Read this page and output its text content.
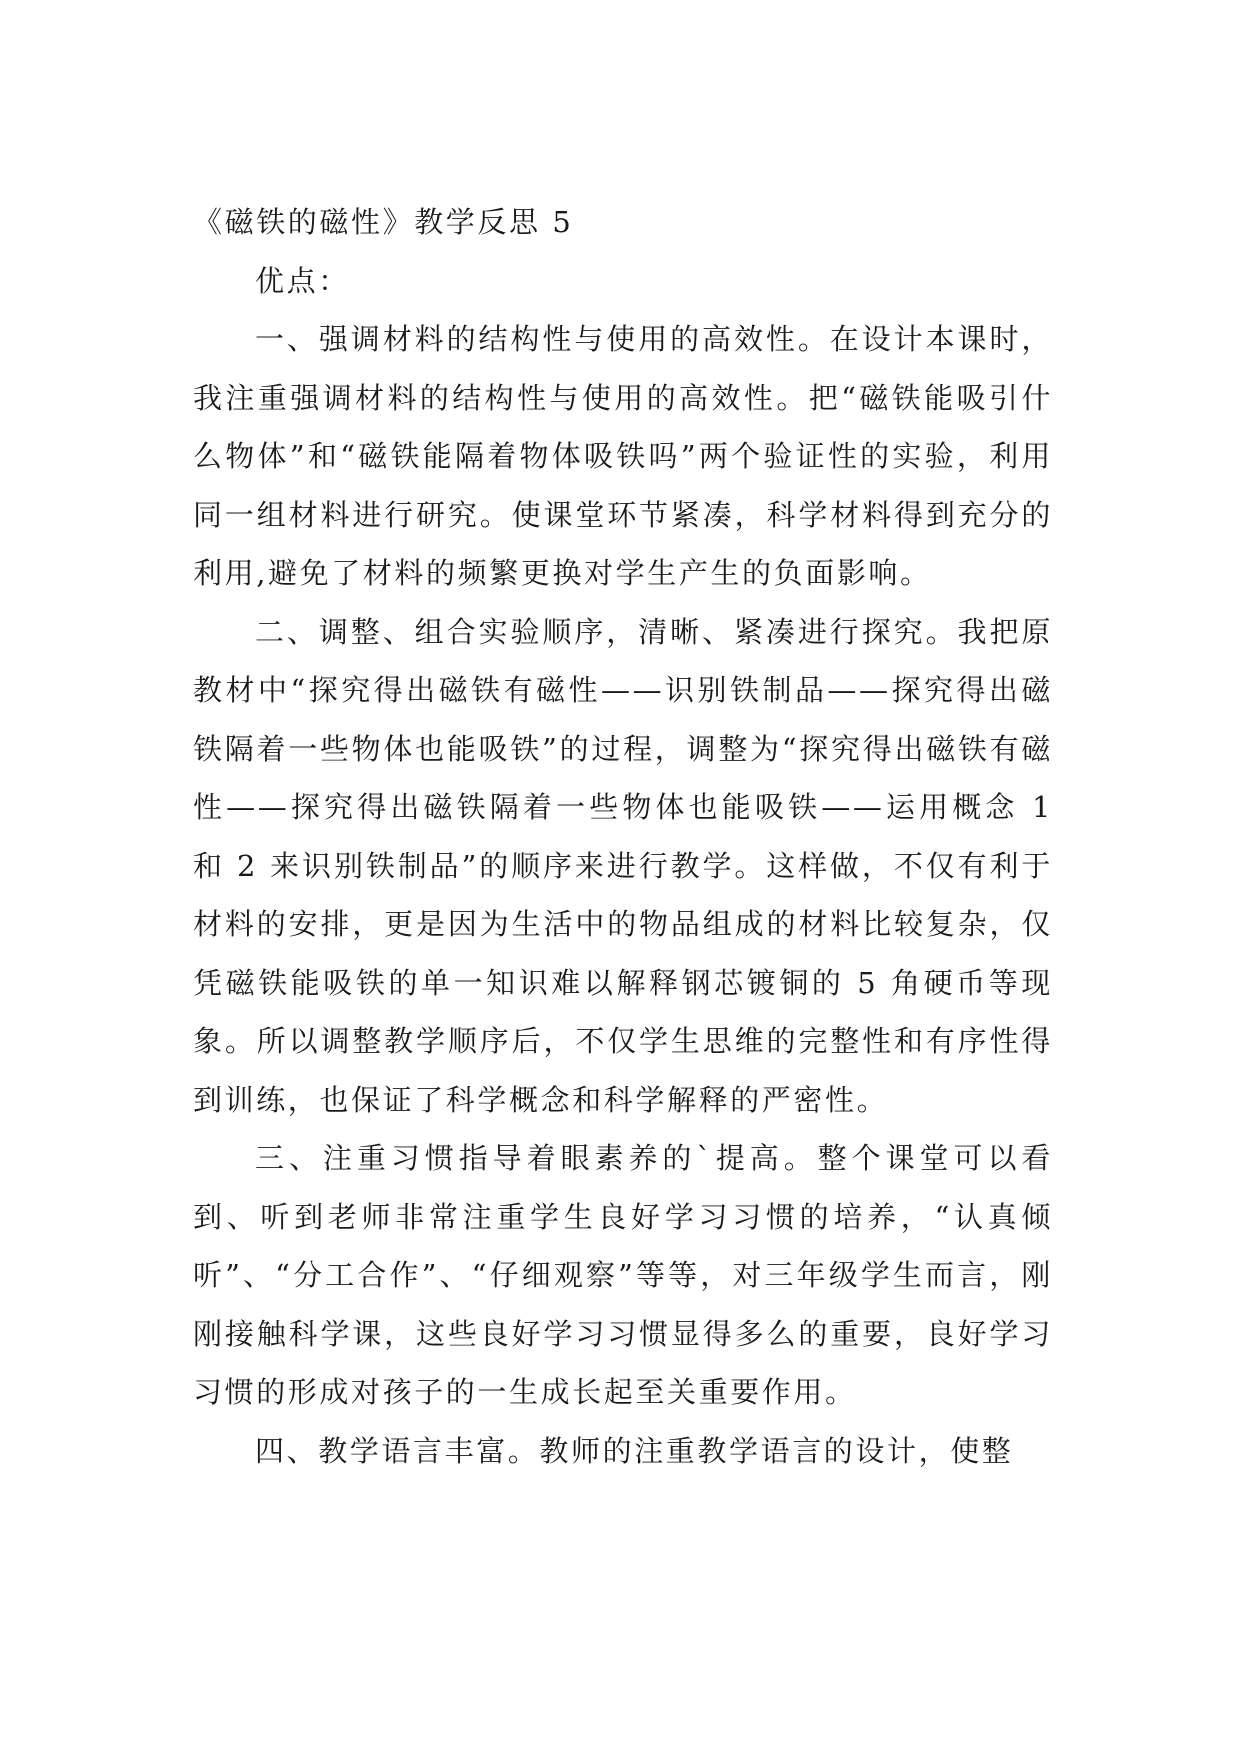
《磁铁的磁性》教学反思 5

优点：

一、强调材料的结构性与使用的高效性。在设计本课时，我注重强调材料的结构性与使用的高效性。把“磁铁能吸引什么物体”和“磁铁能隔着物体吸铁吗”两个验证性的实验，利用同一组材料进行研究。使课堂环节紧凑，科学材料得到充分的利用,避免了材料的频繁更换对学生产生的负面影响。

二、调整、组合实验顺序，清晰、紧凑进行探究。我把原教材中“探究得出磁铁有磁性——识别铁制品——探究得出磁铁隔着一些物体也能吸铁”的过程，调整为“探究得出磁铁有磁性——探究得出磁铁隔着一些物体也能吸铁——运用概念 1 和 2 来识别铁制品”的顺序来进行教学。这样做，不仅有利于材料的安排，更是因为生活中的物品组成的材料比较复杂，仅凭磁铁能吸铁的单一知识难以解释钢芯镀铜的 5 角硬币等现象。所以调整教学顺序后，不仅学生思维的完整性和有序性得到训练，也保证了科学概念和科学解释的严密性。

三、注重习惯指导着眼素养的`提高。整个课堂可以看到、听到老师非常注重学生良好学习习惯的培养，“认真倾听”、“分工合作”、“仔细观察”等等，对三年级学生而言，刚刚接触科学课，这些良好学习习惯显得多么的重要，良好学习习惯的形成对孩子的一生成长起至关重要作用。

四、教学语言丰富。教师的注重教学语言的设计，使整
